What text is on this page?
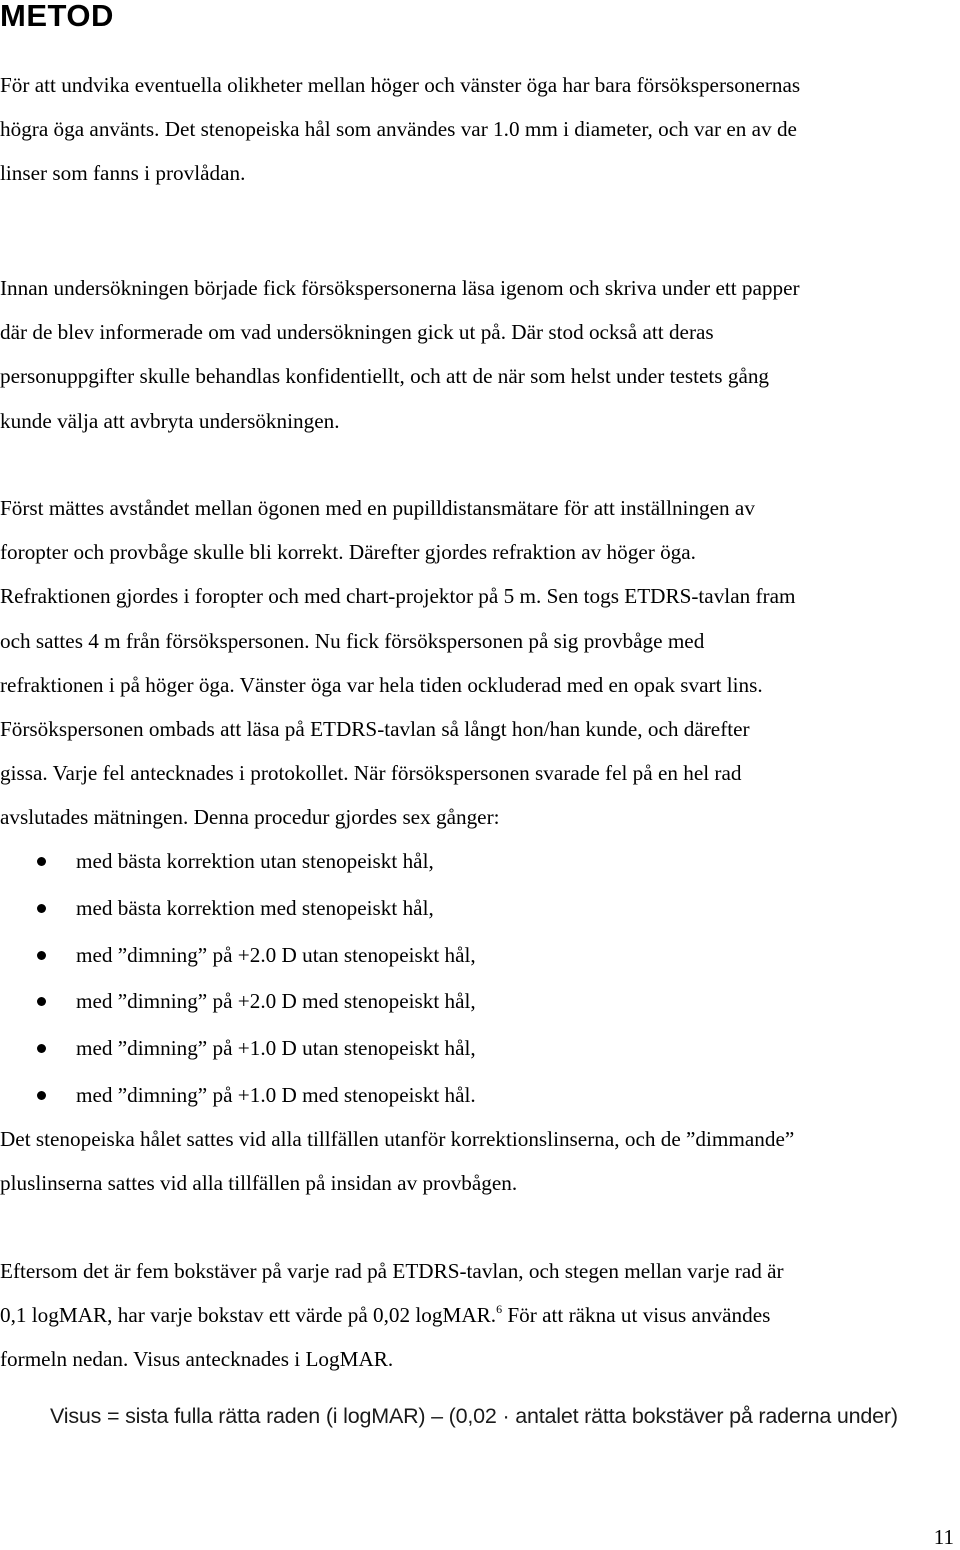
METOD

För att undvika eventuella olikheter mellan höger och vänster öga har bara försökspersonernas
högra öga använts. Det stenopeiska hål som användes var 1.0 mm i diameter, och var en av de
linser som fanns i provlådan.

Innan undersökningen började fick försökspersonerna läsa igenom och skriva under ett papper
där de blev informerade om vad undersökningen gick ut på. Där stod också att deras
personuppgifter skulle behandlas konfidentiellt, och att de när som helst under testets gång
kunde välja att avbryta undersökningen.

Först mättes avståndet mellan ögonen med en pupilldistansmätare för att inställningen av
foropter och provbåge skulle bli korrekt. Därefter gjordes refraktion av höger öga.
Refraktionen gjordes i foropter och med chart-projektor på 5 m. Sen togs ETDRS-tavlan fram
och sattes 4 m från försökspersonen. Nu fick försökspersonen på sig provbåge med
refraktionen i på höger öga. Vänster öga var hela tiden ockluderad med en opak svart lins.
Försökspersonen ombads att läsa på ETDRS-tavlan så långt hon/han kunde, och därefter
gissa. Varje fel antecknades i protokollet. När försökspersonen svarade fel på en hel rad
avslutades mätningen. Denna procedur gjordes sex gånger:

med bästa korrektion utan stenopeiskt hål,
med bästa korrektion med stenopeiskt hål,
med ”dimning” på +2.0 D utan stenopeiskt hål,
med ”dimning” på +2.0 D med stenopeiskt hål,
med ”dimning” på +1.0 D utan stenopeiskt hål,
med ”dimning” på +1.0 D med stenopeiskt hål.

Det stenopeiska hålet sattes vid alla tillfällen utanför korrektionslinserna, och de ”dimmande”
pluslinserna sattes vid alla tillfällen på insidan av provbågen.

Eftersom det är fem bokstäver på varje rad på ETDRS-tavlan, och stegen mellan varje rad är
0,1 logMAR, har varje bokstav ett värde på 0,02 logMAR.$^6$ För att räkna ut visus användes
formeln nedan. Visus antecknades i LogMAR.

Visus = sista fulla rätta raden (i logMAR) – (0,02 · antalet rätta bokstäver på raderna under)

11
